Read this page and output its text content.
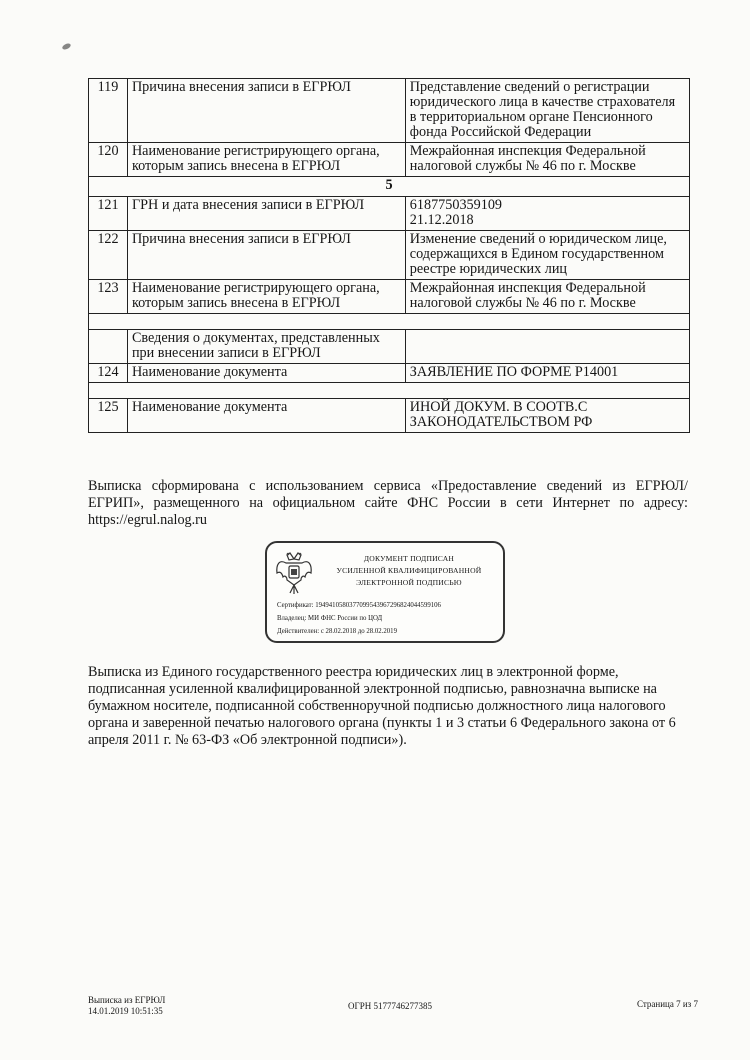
119	Причина внесения записи в ЕГРЮЛ	Представление сведений о регистрации юридического лица в качестве страхователя в территориальном органе Пенсионного фонда Российской Федерации
120	Наименование регистрирующего органа, которым запись внесена в ЕГРЮЛ	Межрайонная инспекция Федеральной налоговой службы № 46 по г. Москве
5		
121	ГРН и дата внесения записи в ЕГРЮЛ	6187750359109
21.12.2018
122	Причина внесения записи в ЕГРЮЛ	Изменение сведений о юридическом лице, содержащихся в Едином государственном реестре юридических лиц
123	Наименование регистрирующего органа, которым запись внесена в ЕГРЮЛ	Межрайонная инспекция Федеральной налоговой службы № 46 по г. Москве

	Сведения о документах, представленных при внесении записи в ЕГРЮЛ	
124	Наименование документа	ЗАЯВЛЕНИЕ ПО ФОРМЕ Р14001

125	Наименование документа	ИНОЙ ДОКУМ. В СООТВ.С ЗАКОНОДАТЕЛЬСТВОМ РФ
Выписка сформирована с использованием сервиса «Предоставление сведений из ЕГРЮЛ/ЕГРИП», размещенного на официальном сайте ФНС России в сети Интернет по адресу: https://egrul.nalog.ru
ДОКУМЕНТ ПОДПИСАН
УСИЛЕННОЙ КВАЛИФИЦИРОВАННОЙ
ЭЛЕКТРОННОЙ ПОДПИСЬЮ
Сертификат: 1949410580377099543967296824044599106
Владелец: МИ ФНС России по ЦОД
Действителен: с 28.02.2018 до 28.02.2019
Выписка из Единого государственного реестра юридических лиц в электронной форме, подписанная усиленной квалифицированной электронной подписью, равнозначна выписке на бумажном носителе, подписанной собственноручной подписью должностного лица налогового органа и заверенной печатью налогового органа (пункты 1 и 3 статьи 6 Федерального закона от 6 апреля 2011 г. № 63-ФЗ «Об электронной подписи»).
Выписка из ЕГРЮЛ
14.01.2019 10:51:35	ОГРН 5177746277385	Страница 7 из 7
